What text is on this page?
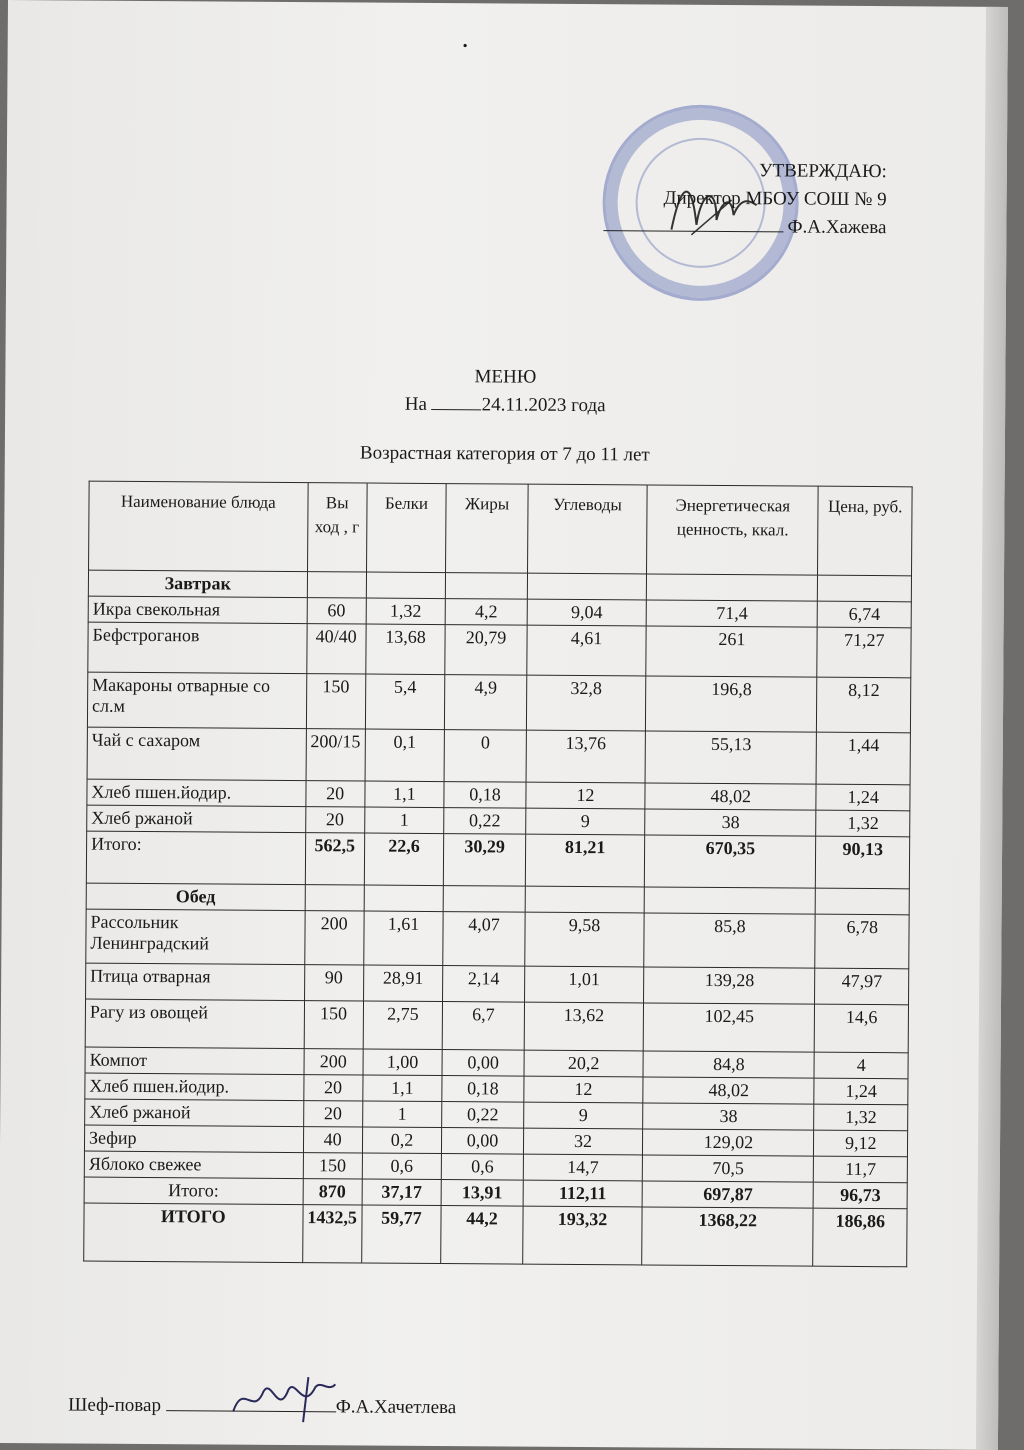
•
УТВЕРЖДАЮ:
Директор МБОУ СОШ № 9
Ф.А.Хажева
МЕНЮ
На	24.11.2023 года
Возрастная категория от 7 до 11 лет
Наименование блюда	Вы ход , г	Белки	Жиры	Углеводы	Энергетическая ценность, ккал.	Цена, руб.
Завтрак						
Икра свекольная	60	1,32	4,2	9,04	71,4	6,74
Бефстроганов	40/40	13,68	20,79	4,61	261	71,27
Макароны отварные со сл.м	150	5,4	4,9	32,8	196,8	8,12
Чай с сахаром	200/15	0,1	0	13,76	55,13	1,44
Хлеб пшен.йодир.	20	1,1	0,18	12	48,02	1,24
Хлеб ржаной	20	1	0,22	9	38	1,32
Итого:	562,5	22,6	30,29	81,21	670,35	90,13
Обед						
Рассольник Ленинградский	200	1,61	4,07	9,58	85,8	6,78
Птица отварная	90	28,91	2,14	1,01	139,28	47,97
Рагу из овощей	150	2,75	6,7	13,62	102,45	14,6
Компот	200	1,00	0,00	20,2	84,8	4
Хлеб пшен.йодир.	20	1,1	0,18	12	48,02	1,24
Хлеб ржаной	20	1	0,22	9	38	1,32
Зефир	40	0,2	0,00	32	129,02	9,12
Яблоко свежее	150	0,6	0,6	14,7	70,5	11,7
Итого:	870	37,17	13,91	112,11	697,87	96,73
ИТОГО	1432,5	59,77	44,2	193,32	1368,22	186,86
Шеф-повар	Ф.А.Хачетлева
